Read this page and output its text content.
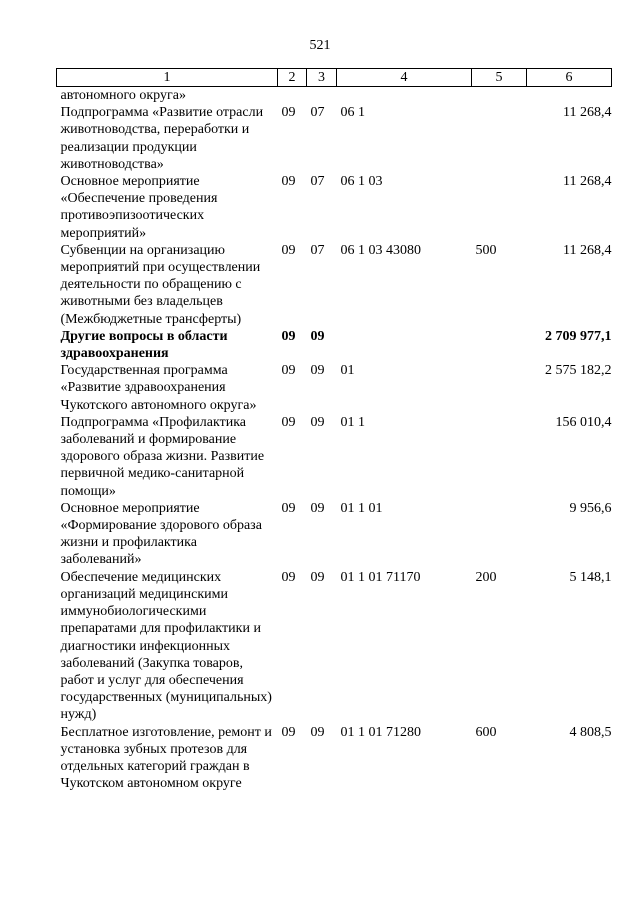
521
1	2	3	4	5	6
автономного округа»					
Подпрограмма «Развитие отрасли животноводства, переработки и реализации продукции животноводства»	09	07	06 1		11 268,4
Основное мероприятие «Обеспечение проведения противоэпизоотических мероприятий»	09	07	06 1 03		11 268,4
Субвенции на организацию мероприятий при осуществлении деятельности по обращению с животными без владельцев (Межбюджетные трансферты)	09	07	06 1 03 43080	500	11 268,4
Другие вопросы в области здравоохранения	09	09			2 709 977,1
Государственная программа «Развитие здравоохранения Чукотского автономного округа»	09	09	01		2 575 182,2
Подпрограмма «Профилактика заболеваний и формирование здорового образа жизни. Развитие первичной медико-санитарной помощи»	09	09	01 1		156 010,4
Основное мероприятие «Формирование здорового образа жизни и профилактика заболеваний»	09	09	01 1 01		9 956,6
Обеспечение медицинских организаций медицинскими иммунобиологическими препаратами для профилактики и диагностики инфекционных заболеваний (Закупка товаров, работ и услуг для обеспечения государственных (муниципальных) нужд)	09	09	01 1 01 71170	200	5 148,1
Бесплатное изготовление, ремонт и установка зубных протезов для отдельных категорий граждан в Чукотском автономном округе	09	09	01 1 01 71280	600	4 808,5
